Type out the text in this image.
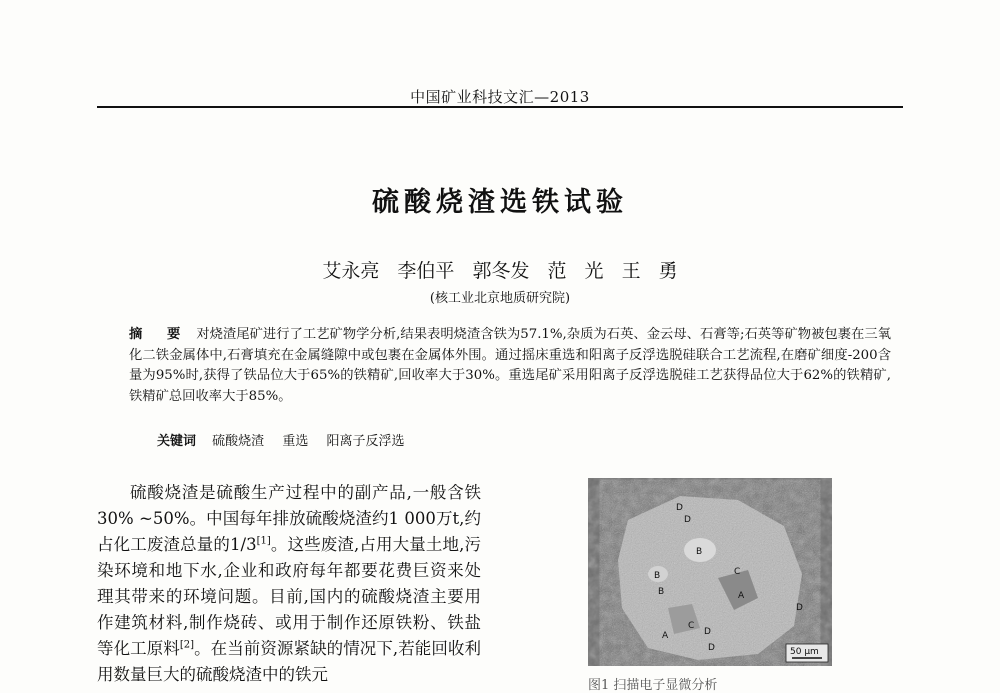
中国矿业科技文汇—2013
硫酸烧渣选铁试验
艾永亮 李伯平 郭冬发 范 光 王 勇
(核工业北京地质研究院)
摘 要 对烧渣尾矿进行了工艺矿物学分析,结果表明烧渣含铁为57.1%,杂质为石英、金云母、石膏等;石英等矿物被包裹在三氧化二铁金属体中,石膏填充在金属缝隙中或包裹在金属体外围。通过摇床重选和阳离子反浮选脱硅联合工艺流程,在磨矿细度-200含量为95%时,获得了铁品位大于65%的铁精矿,回收率大于30%。重选尾矿采用阳离子反浮选脱硅工艺获得品位大于62%的铁精矿,铁精矿总回收率大于85%。
关键词 硫酸烧渣 重选 阳离子反浮选
硫酸烧渣是硫酸生产过程中的副产品,一般含铁30% ~50%。中国每年排放硫酸烧渣约1 000万t,约占化工废渣总量的1/3[1]。这些废渣,占用大量土地,污染环境和地下水,企业和政府每年都要花费巨资来处理其带来的环境问题。目前,国内的硫酸烧渣主要用作建筑材料,制作烧砖、或用于制作还原铁粉、铁盐等化工原料[2]。在当前资源紧缺的情况下,若能回收利用数量巨大的硫酸烧渣中的铁元
D
D
B
B	C
A
B
D
A
C
D
D	50 μm
图1 扫描电子显微分析
